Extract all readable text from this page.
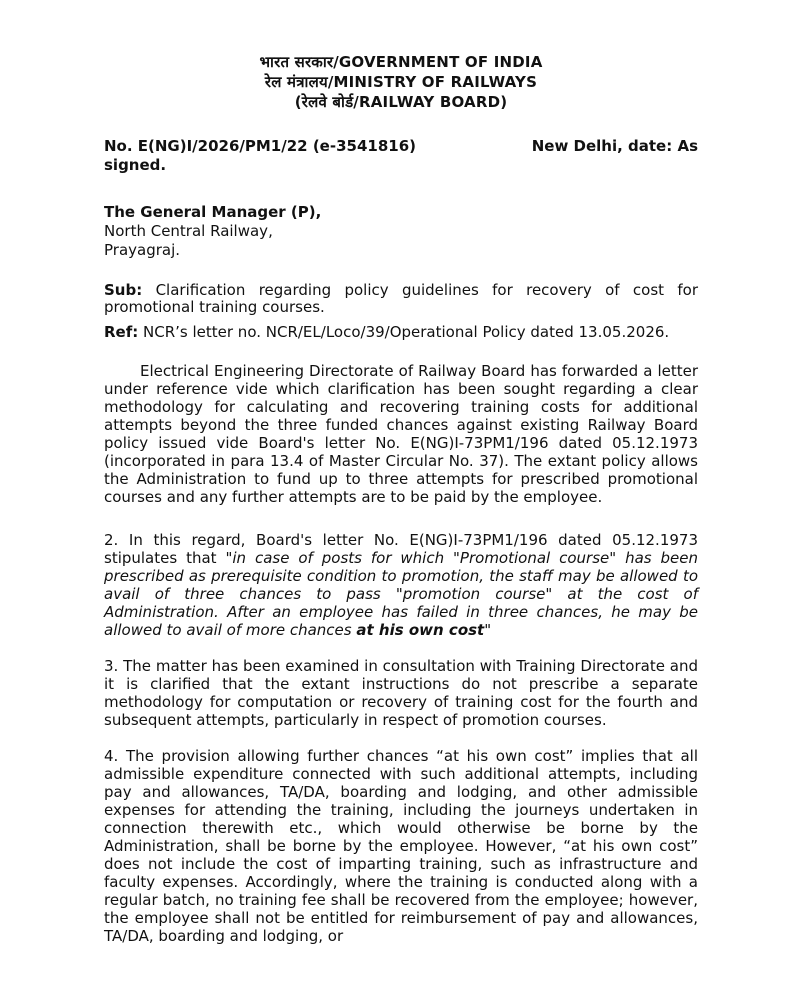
भारत सरकार/GOVERNMENT OF INDIA
रेल मंत्रालय/MINISTRY OF RAILWAYS
(रेलवे बोर्ड/RAILWAY BOARD)
No. E(NG)I/2026/PM1/22 (e-3541816)	New Delhi, date: As
signed.
The General Manager (P),
North Central Railway,
Prayagraj.
Sub: Clarification regarding policy guidelines for recovery of cost for promotional training courses.
Ref: NCR’s letter no. NCR/EL/Loco/39/Operational Policy dated 13.05.2026.

Electrical Engineering Directorate of Railway Board has forwarded a letter under reference vide which clarification has been sought regarding a clear methodology for calculating and recovering training costs for additional attempts beyond the three funded chances against existing Railway Board policy issued vide Board's letter No. E(NG)I-73PM1/196 dated 05.12.1973 (incorporated in para 13.4 of Master Circular No. 37). The extant policy allows the Administration to fund up to three attempts for prescribed promotional courses and any further attempts are to be paid by the employee.

2. In this regard, Board's letter No. E(NG)I-73PM1/196 dated 05.12.1973 stipulates that "in case of posts for which "Promotional course" has been prescribed as prerequisite condition to promotion, the staff may be allowed to avail of three chances to pass "promotion course" at the cost of Administration. After an employee has failed in three chances, he may be allowed to avail of more chances at his own cost"

3. The matter has been examined in consultation with Training Directorate and it is clarified that the extant instructions do not prescribe a separate methodology for computation or recovery of training cost for the fourth and subsequent attempts, particularly in respect of promotion courses.

4. The provision allowing further chances “at his own cost” implies that all admissible expenditure connected with such additional attempts, including pay and allowances, TA/DA, boarding and lodging, and other admissible expenses for attending the training, including the journeys undertaken in connection therewith etc., which would otherwise be borne by the Administration, shall be borne by the employee. However, “at his own cost” does not include the cost of imparting training, such as infrastructure and faculty expenses. Accordingly, where the training is conducted along with a regular batch, no training fee shall be recovered from the employee; however, the employee shall not be entitled for reimbursement of pay and allowances, TA/DA, boarding and lodging, or
